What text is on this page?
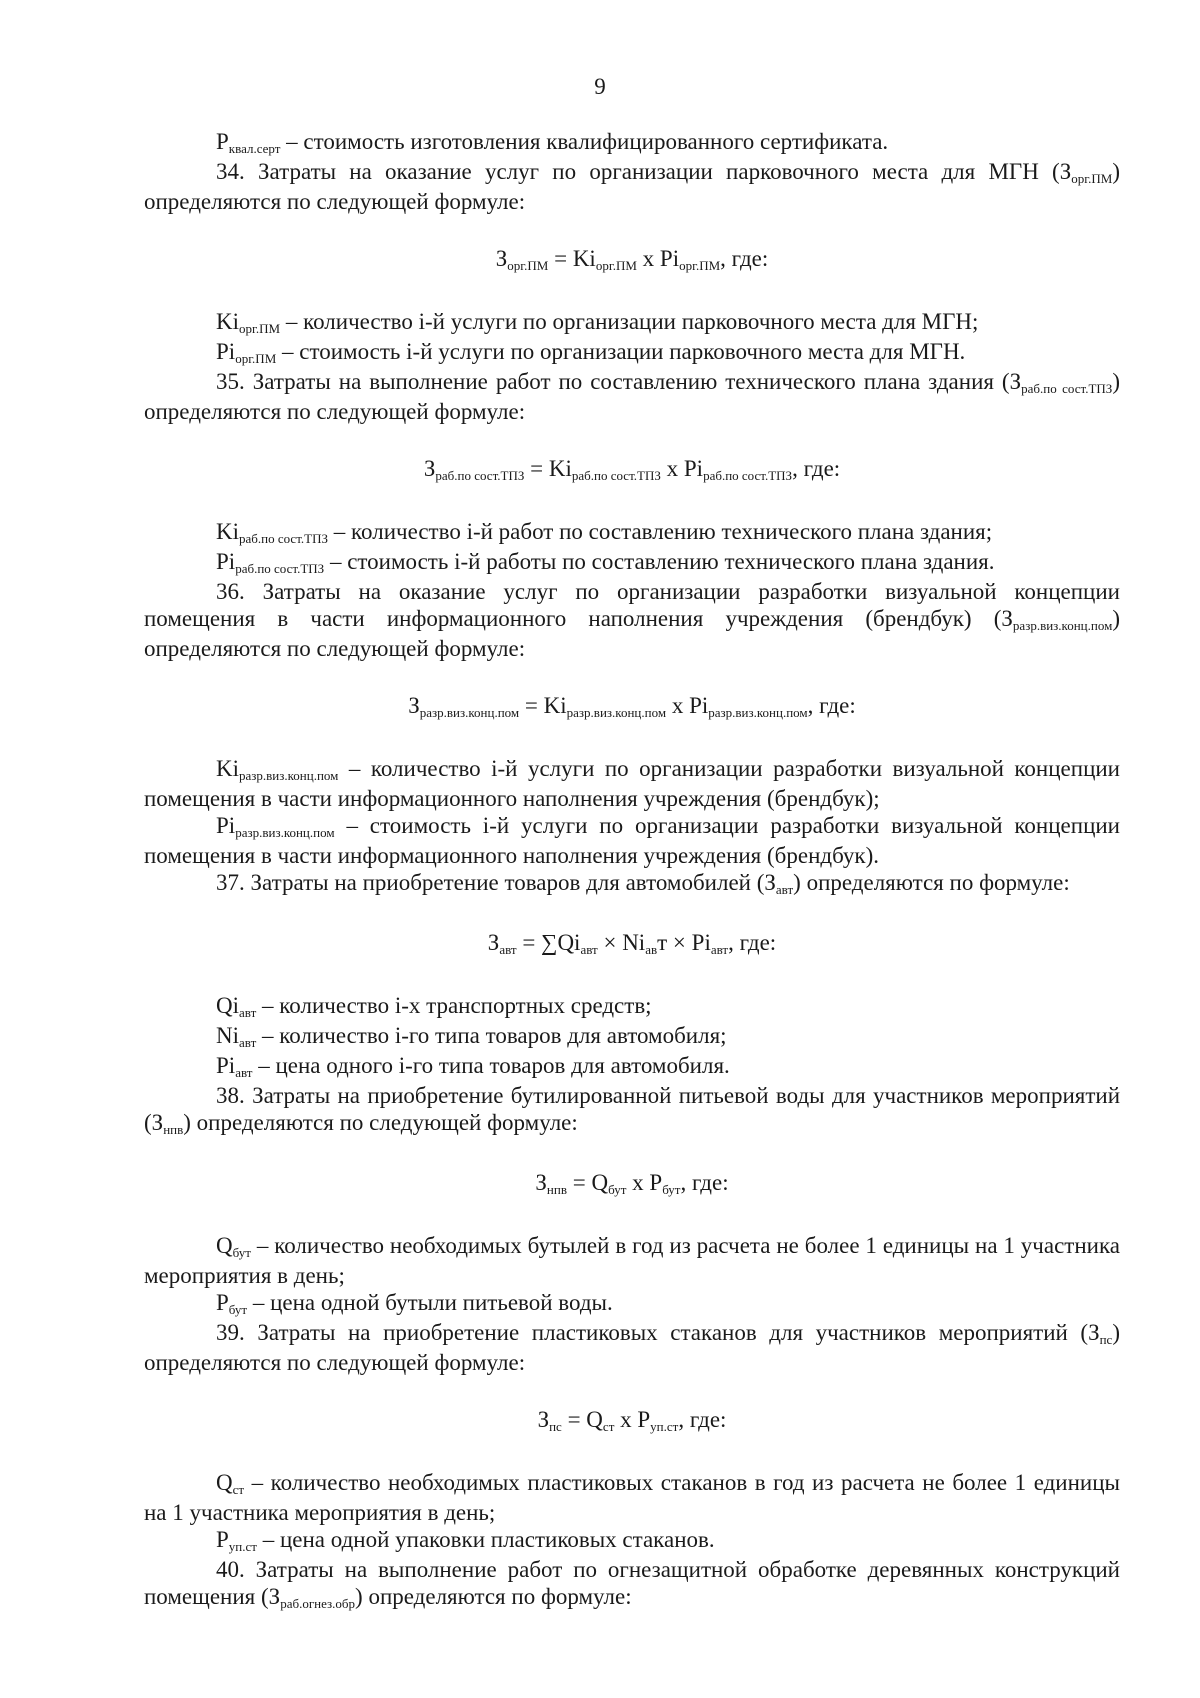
9

Рквал.серт – стоимость изготовления квалифицированного сертификата.

34. Затраты на оказание услуг по организации парковочного места для МГН (Зорг.ПМ) определяются по следующей формуле:

Зорг.ПМ = Kiорг.ПМ x Piорг.ПМ, где:

Kiорг.ПМ – количество i-й услуги по организации парковочного места для МГН;

Piорг.ПМ – стоимость i-й услуги по организации парковочного места для МГН.

35. Затраты на выполнение работ по составлению технического плана здания (Зраб.по сост.ТПЗ) определяются по следующей формуле:

Зраб.по сост.ТПЗ = Kiраб.по сост.ТПЗ x Piраб.по сост.ТПЗ, где:

Kiраб.по сост.ТПЗ – количество i-й работ по составлению технического плана здания;

Piраб.по сост.ТПЗ – стоимость i-й работы по составлению технического плана здания.

36. Затраты на оказание услуг по организации разработки визуальной концепции помещения в части информационного наполнения учреждения (брендбук) (Зразр.виз.конц.пом) определяются по следующей формуле:

Зразр.виз.конц.пом = Kiразр.виз.конц.пом x Piразр.виз.конц.пом, где:

Kiразр.виз.конц.пом – количество i-й услуги по организации разработки визуальной концепции помещения в части информационного наполнения учреждения (брендбук);

Piразр.виз.конц.пом – стоимость i-й услуги по организации разработки визуальной концепции помещения в части информационного наполнения учреждения (брендбук).

37. Затраты на приобретение товаров для автомобилей (Завт) определяются по формуле:

Завт = ∑Qiавт × Niавт × Piавт, где:

Qiавт – количество i-х транспортных средств;

Niавт – количество i-го типа товаров для автомобиля;

Piавт – цена одного i-го типа товаров для автомобиля.

38. Затраты на приобретение бутилированной питьевой воды для участников мероприятий (Знпв) определяются по следующей формуле:

Знпв = Qбут x Рбут, где:

Qбут – количество необходимых бутылей в год из расчета не более 1 единицы на 1 участника мероприятия в день;

Рбут – цена одной бутыли питьевой воды.

39. Затраты на приобретение пластиковых стаканов для участников мероприятий (Зпс) определяются по следующей формуле:

Зпс = Qст x Руп.ст, где:

Qст – количество необходимых пластиковых стаканов в год из расчета не более 1 единицы на 1 участника мероприятия в день;

Руп.ст – цена одной упаковки пластиковых стаканов.

40. Затраты на выполнение работ по огнезащитной обработке деревянных конструкций помещения (Зраб.огнез.обр) определяются по формуле:
